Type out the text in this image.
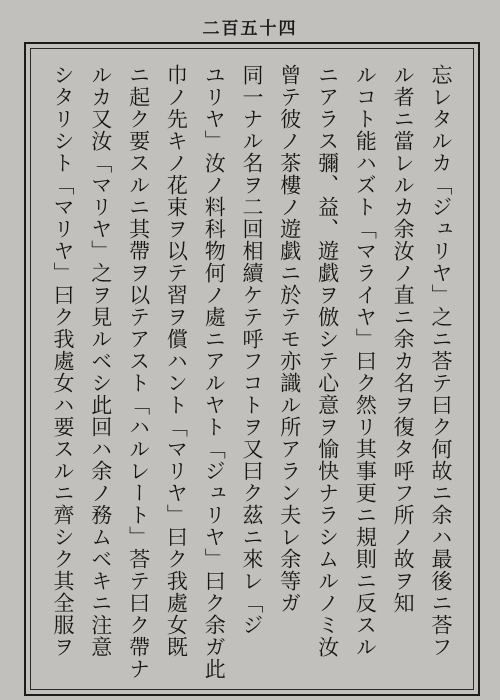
二百五十四
忘レタルカ「ジュリヤ」之ニ荅テ曰ク何故ニ余ハ最後ニ荅フ
ル者ニ當レルカ余汝ノ直ニ余カ名ヲ復タ呼フ所ノ故ヲ知
ルコト能ハズト「マライヤ」曰ク然リ其事更ニ規則ニ反スル
ニアラス彌、益、遊戯ヲ倣シテ心意ヲ愉快ナラシムルノミ汝
曾テ彼ノ茶樓ノ遊戯ニ於テモ亦識ル所アラン夫レ余等ガ
同一ナル名ヲ二回相續ケテ呼フコトヲ又曰ク茲ニ來レ「ジ
ユリヤ」汝ノ料科物何ノ處ニアルヤト「ジュリヤ」曰ク余ガ此
巾ノ先キノ花束ヲ以テ習ヲ償ハント「マリヤ」曰ク我處女既
ニ起ク要スルニ其帶ヲ以テアスト「ハルレート」荅テ曰ク帶ナ
ルカ又汝「マリヤ」之ヲ見ルベシ此回ハ余ノ務ムベキニ注意
シタリシト「マリヤ」曰ク我處女ハ要スルニ齊シク其全服ヲ
